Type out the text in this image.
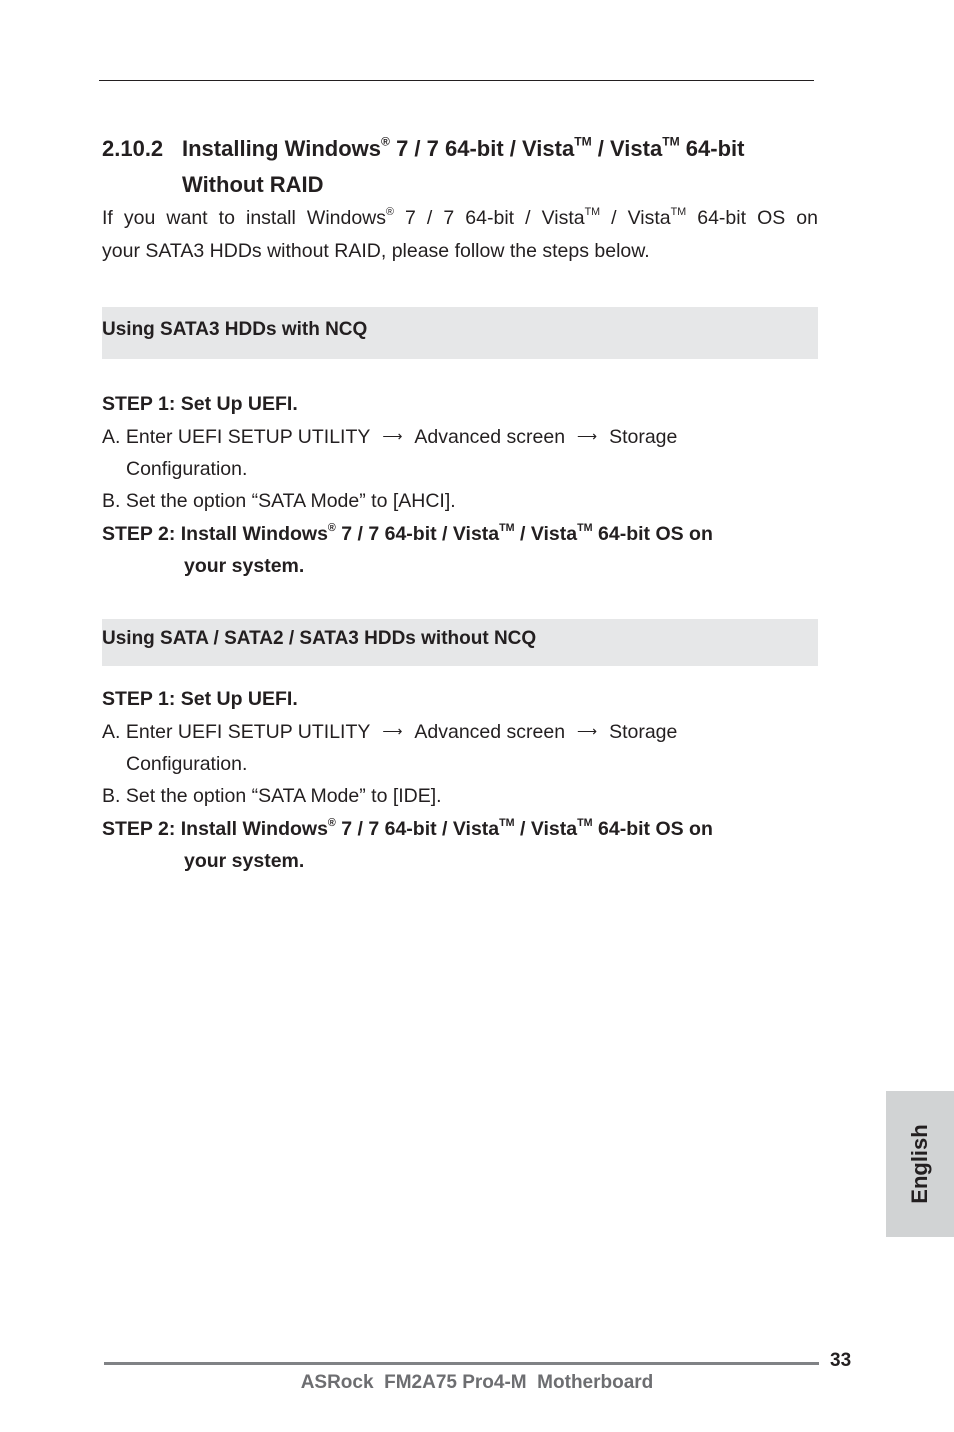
2.10.2 Installing Windows® 7 / 7 64-bit / Vista™ / Vista™ 64-bit
Without RAID
If you want to install Windows® 7 / 7 64-bit / Vista™ / Vista™ 64-bit OS on
your SATA3 HDDs without RAID, please follow the steps below.
Using SATA3 HDDs with NCQ
STEP 1: Set Up UEFI.
A. Enter UEFI SETUP UTILITY ⟶ Advanced screen ⟶ Storage
Configuration.
B. Set the option “SATA Mode” to [AHCI].
STEP 2: Install Windows® 7 / 7 64-bit / Vista™ / Vista™ 64-bit OS on
your system.
Using SATA / SATA2 / SATA3 HDDs without NCQ
STEP 1: Set Up UEFI.
A. Enter UEFI SETUP UTILITY ⟶ Advanced screen ⟶ Storage
Configuration.
B. Set the option “SATA Mode” to [IDE].
STEP 2: Install Windows® 7 / 7 64-bit / Vista™ / Vista™ 64-bit OS on
your system.
English
33
ASRock  FM2A75 Pro4-M  Motherboard
